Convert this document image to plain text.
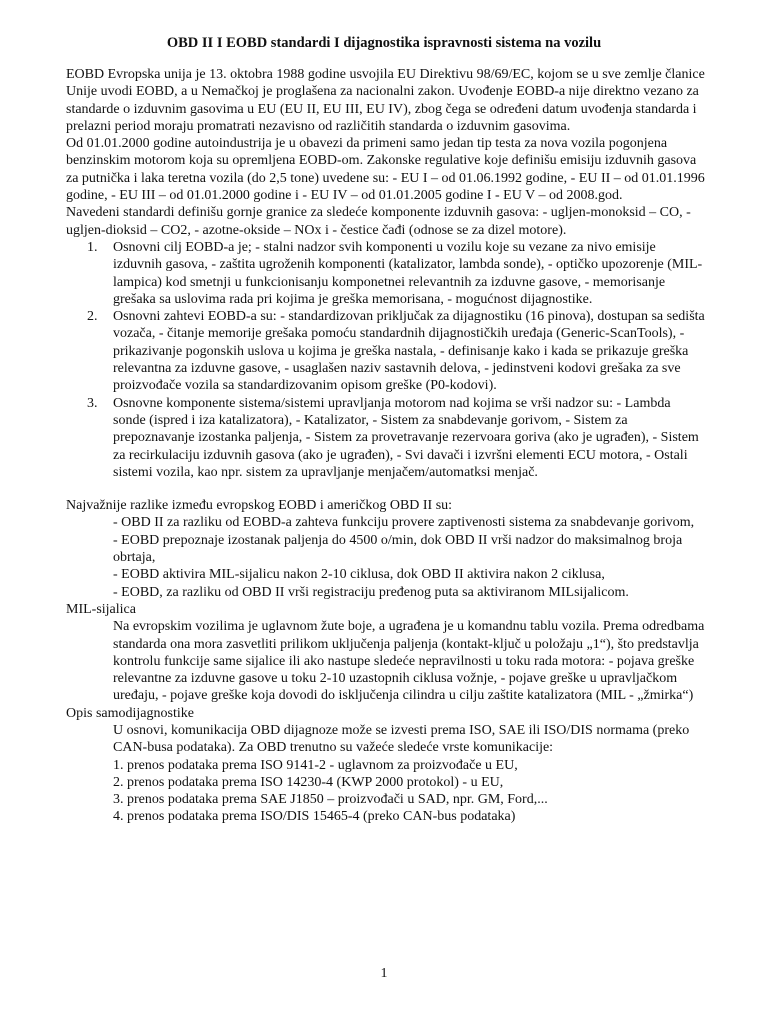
OBD II I EOBD standardi I dijagnostika ispravnosti sistema na vozilu

EOBD Evropska unija je 13. oktobra 1988 godine usvojila EU Direktivu 98/69/EC, kojom se u sve zemlje članice Unije uvodi EOBD, a u Nemačkoj je proglašena za nacionalni zakon. Uvođenje EOBD-a nije direktno vezano za standarde o izduvnim gasovima u EU (EU II, EU III, EU IV), zbog čega se određeni datum uvođenja standarda i prelazni period moraju promatrati nezavisno od različitih standarda o izduvnim gasovima.

Od 01.01.2000 godine autoindustrija je u obavezi da primeni samo jedan tip testa za nova vozila pogonjena benzinskim motorom koja su opremljena EOBD-om. Zakonske regulative koje definišu emisiju izduvnih gasova za putnička i laka teretna vozila (do 2,5 tone) uvedene su: - EU I – od 01.06.1992 godine, - EU II – od 01.01.1996 godine, - EU III – od 01.01.2000 godine i - EU IV – od 01.01.2005 godine I - EU V – od 2008.god.

Navedeni standardi definišu gornje granice za sledeće komponente izduvnih gasova: - ugljen-monoksid – CO, - ugljen-dioksid – CO2, - azotne-okside – NOx i - čestice čađi (odnose se za dizel motore).

1. Osnovni cilj EOBD-a je; - stalni nadzor svih komponenti u vozilu koje su vezane za nivo emisije izduvnih gasova, - zaštita ugroženih komponenti (katalizator, lambda sonde), - optičko upozorenje (MIL-lampica) kod smetnji u funkcionisanju komponetnei relevantnih za izduvne gasove, - memorisanje grešaka sa uslovima rada pri kojima je greška memorisana, - mogućnost dijagnostike.
2. Osnovni zahtevi EOBD-a su: - standardizovan priključak za dijagnostiku (16 pinova), dostupan sa sedišta vozača, - čitanje memorije grešaka pomoću standardnih dijagnostičkih uređaja (Generic-ScanTools), - prikazivanje pogonskih uslova u kojima je greška nastala, - definisanje kako i kada se prikazuje greška relevantna za izduvne gasove, - usaglašen naziv sastavnih delova, - jedinstveni kodovi grešaka za sve proizvođače vozila sa standardizovanim opisom greške (P0-kodovi).
3. Osnovne komponente sistema/sistemi upravljanja motorom nad kojima se vrši nadzor su: - Lambda sonde (ispred i iza katalizatora), - Katalizator, - Sistem za snabdevanje gorivom, - Sistem za prepoznavanje izostanka paljenja, - Sistem za provetravanje rezervoara goriva (ako je ugrađen), - Sistem za recirkulaciju izduvnih gasova (ako je ugrađen), - Svi davači i izvršni elementi ECU motora, - Ostali sistemi vozila, kao npr. sistem za upravljanje menjačem/automatksi menjač.

Najvažnije razlike između evropskog EOBD i američkog OBD II su:

- OBD II za razliku od EOBD-a zahteva funkciju provere zaptivenosti sistema za snabdevanje gorivom,

- EOBD prepoznaje izostanak paljenja do 4500 o/min, dok OBD II vrši nadzor do maksimalnog broja obrtaja,

- EOBD aktivira MIL-sijalicu nakon 2-10 ciklusa, dok OBD II aktivira nakon 2 ciklusa,

- EOBD, za razliku od OBD II vrši registraciju pređenog puta sa aktiviranom MILsijalicom.

MIL-sijalica

Na evropskim vozilima je uglavnom žute boje, a ugrađena je u komandnu tablu vozila. Prema odredbama standarda ona mora zasvetliti prilikom uključenja paljenja (kontakt-ključ u položaju „1“), što predstavlja kontrolu funkcije same sijalice ili ako nastupe sledeće nepravilnosti u toku rada motora: - pojava greške relevantne za izduvne gasove u toku 2-10 uzastopnih ciklusa vožnje, - pojave greške u upravljačkom uređaju, - pojave greške koja dovodi do isključenja cilindra u cilju zaštite katalizatora (MIL - „žmirka“)

Opis samodijagnostike

U osnovi, komunikacija OBD dijagnoze može se izvesti prema ISO, SAE ili ISO/DIS normama (preko CAN-busa podataka). Za OBD trenutno su važeće sledeće vrste komunikacije:

1. prenos podataka prema ISO 9141-2 - uglavnom za proizvođače u EU,

2. prenos podataka prema ISO 14230-4 (KWP 2000 protokol) - u EU,

3. prenos podataka prema SAE J1850 – proizvođači u SAD, npr. GM, Ford,...

4. prenos podataka prema ISO/DIS 15465-4 (preko CAN-bus podataka)

1
